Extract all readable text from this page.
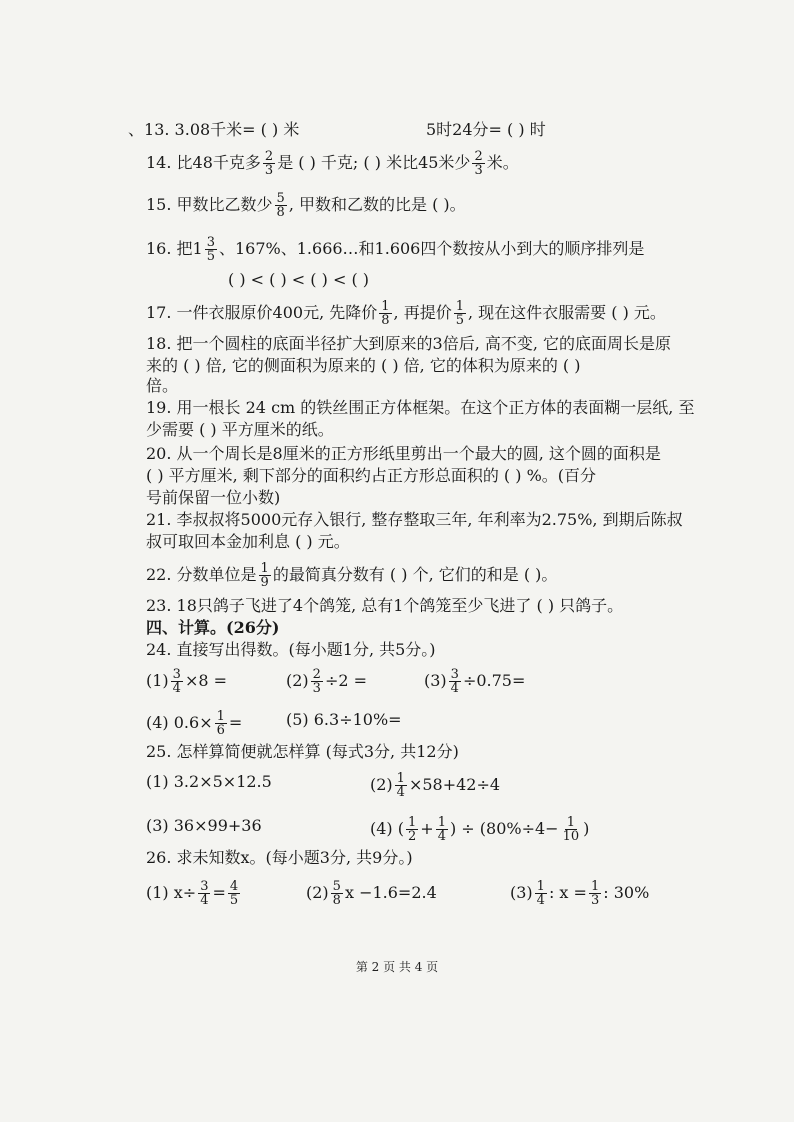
、13. 3.08千米= ( ) 米	5时24分= ( ) 时
14. 比48千克多 $\frac{2}{3}$ 是 ( ) 千克; ( ) 米比45米少 $\frac{2}{3}$ 米。
15. 甲数比乙数少 $\frac{5}{8}$ , 甲数和乙数的比是 ( )。
16. 把$1 \frac{3}{5}$ 、167%、1.666…和1.606四个数按从小到大的顺序排列是
( ) < ( ) < ( ) < ( )
17. 一件衣服原价400元, 先降价 $\frac{1}{8}$ , 再提价 $\frac{1}{5}$ , 现在这件衣服需要 ( ) 元。
18. 把一个圆柱的底面半径扩大到原来的3倍后, 高不变, 它的底面周长是原
来的 ( ) 倍, 它的侧面积为原来的 ( ) 倍, 它的体积为原来的 ( )
倍。
19. 用一根长 24 cm 的铁丝围正方体框架。在这个正方体的表面糊一层纸, 至
少需要 ( ) 平方厘米的纸。
20. 从一个周长是8厘米的正方形纸里剪出一个最大的圆, 这个圆的面积是
( ) 平方厘米, 剩下部分的面积约占正方形总面积的 ( ) %。(百分
号前保留一位小数)
21. 李叔叔将5000元存入银行, 整存整取三年, 年利率为2.75%, 到期后陈叔
叔可取回本金加利息 ( ) 元。
22. 分数单位是 $\frac{1}{9}$ 的最简真分数有 ( ) 个, 它们的和是 ( )。
23. 18只鸽子飞进了4个鸽笼, 总有1个鸽笼至少飞进了 ( ) 只鸽子。
四、计算。(26分)
24. 直接写出得数。(每小题1分, 共5分。)
$(1) \frac{3}{4} \times 8$ =	$(2) \frac{2}{3} \div 2$ =	$(3) \frac{3}{4} \div 0.75=$
(4) $0.6\times \frac{1}{6}$ =	(5) 6.3÷10%=
25. 怎样算简便就怎样算 (每式3分, 共12分)
(1) 3.2×5×12.5	$(2) \frac{1}{4} \times 58+42\div 4$
(3) 36×99+36	(4) ( $\frac{1}{2} + \frac{1}{4}$ ) ÷ ($80\%\div 4- \frac{1}{10}$ )
26. 求未知数x。(每小题3分, 共9分。)
(1) $x\div \frac{3}{4} = \frac{4}{5}$	$(2) \frac{5}{8}$ x −1.6=2.4	$(3) \frac{1}{4}$ : $x = \frac{1}{3}$ : 30%
第 2 页 共 4 页
